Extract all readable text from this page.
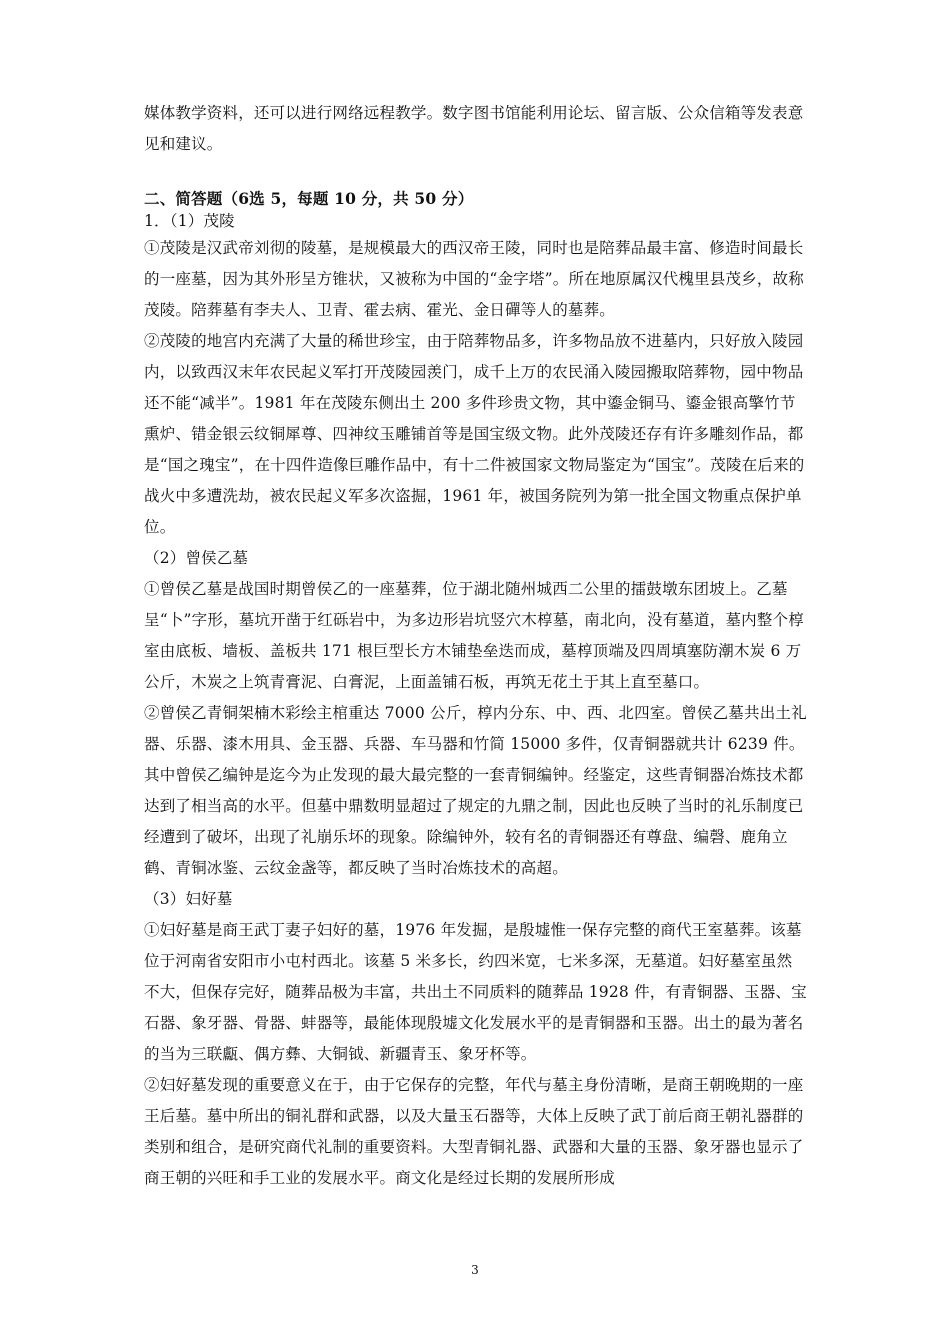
媒体教学资料，还可以进行网络远程教学。数字图书馆能利用论坛、留言版、公众信箱等发表意见和建议。

二、简答题（6选 5，每题 10 分，共 50 分）

1．（1）茂陵

①茂陵是汉武帝刘彻的陵墓，是规模最大的西汉帝王陵，同时也是陪葬品最丰富、修造时间最长的一座墓，因为其外形呈方锥状，又被称为中国的“金字塔”。所在地原属汉代槐里县茂乡，故称茂陵。陪葬墓有李夫人、卫青、霍去病、霍光、金日磾等人的墓葬。

②茂陵的地宫内充满了大量的稀世珍宝，由于陪葬物品多，许多物品放不进墓内，只好放入陵园内，以致西汉末年农民起义军打开茂陵园羡门，成千上万的农民涌入陵园搬取陪葬物，园中物品还不能“减半”。1981 年在茂陵东侧出土 200 多件珍贵文物，其中鎏金铜马、鎏金银高擎竹节熏炉、错金银云纹铜犀尊、四神纹玉雕铺首等是国宝级文物。此外茂陵还存有许多雕刻作品，都是“国之瑰宝”，在十四件造像巨雕作品中，有十二件被国家文物局鉴定为“国宝”。茂陵在后来的战火中多遭洗劫，被农民起义军多次盗掘，1961 年，被国务院列为第一批全国文物重点保护单位。

（2）曾侯乙墓

①曾侯乙墓是战国时期曾侯乙的一座墓葬，位于湖北随州城西二公里的擂鼓墩东团坡上。乙墓呈“卜”字形，墓坑开凿于红砾岩中，为多边形岩坑竖穴木椁墓，南北向，没有墓道，墓内整个椁室由底板、墙板、盖板共 171 根巨型长方木铺垫垒迭而成，墓椁顶端及四周填塞防潮木炭 6 万公斤，木炭之上筑青膏泥、白膏泥，上面盖铺石板，再筑无花土于其上直至墓口。

②曾侯乙青铜架楠木彩绘主棺重达 7000 公斤，椁内分东、中、西、北四室。曾侯乙墓共出土礼器、乐器、漆木用具、金玉器、兵器、车马器和竹简 15000 多件，仅青铜器就共计 6239 件。其中曾侯乙编钟是迄今为止发现的最大最完整的一套青铜编钟。经鉴定，这些青铜器冶炼技术都达到了相当高的水平。但墓中鼎数明显超过了规定的九鼎之制，因此也反映了当时的礼乐制度已经遭到了破坏，出现了礼崩乐坏的现象。除编钟外，较有名的青铜器还有尊盘、编磬、鹿角立鹤、青铜冰鉴、云纹金盏等，都反映了当时冶炼技术的高超。

（3）妇好墓

①妇好墓是商王武丁妻子妇好的墓，1976 年发掘，是殷墟惟一保存完整的商代王室墓葬。该墓位于河南省安阳市小屯村西北。该墓 5 米多长，约四米宽，七米多深，无墓道。妇好墓室虽然不大，但保存完好，随葬品极为丰富，共出土不同质料的随葬品 1928 件，有青铜器、玉器、宝石器、象牙器、骨器、蚌器等，最能体现殷墟文化发展水平的是青铜器和玉器。出土的最为著名的当为三联甗、偶方彝、大铜钺、新疆青玉、象牙杯等。

②妇好墓发现的重要意义在于，由于它保存的完整，年代与墓主身份清晰，是商王朝晚期的一座王后墓。墓中所出的铜礼群和武器，以及大量玉石器等，大体上反映了武丁前后商王朝礼器群的类别和组合，是研究商代礼制的重要资料。大型青铜礼器、武器和大量的玉器、象牙器也显示了商王朝的兴旺和手工业的发展水平。商文化是经过长期的发展所形成

3
